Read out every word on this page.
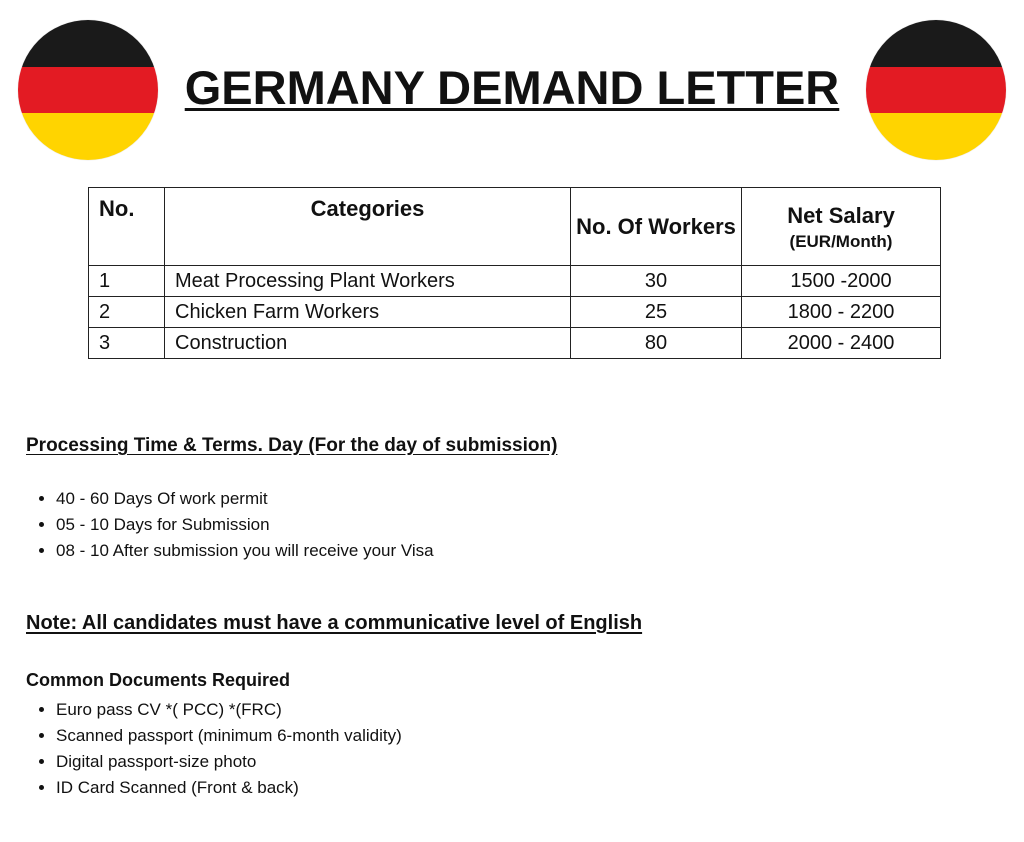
GERMANY DEMAND LETTER
No.	Categories	No. Of Workers	Net Salary
(EUR/Month)

1	Meat Processing Plant Workers	30	1500 -2000
2	Chicken Farm Workers	25	1800 - 2200
3	Construction	80	2000 - 2400
Processing Time & Terms. Day (For the day of submission)
• 40 - 60 Days Of work permit
• 05 - 10 Days for Submission
• 08 - 10 After submission you will receive your Visa

Note: All candidates must have a communicative level of English

Common Documents Required
• Euro pass CV *( PCC) *(FRC)
• Scanned passport (minimum 6-month validity)
• Digital passport-size photo
• ID Card Scanned (Front & back)
